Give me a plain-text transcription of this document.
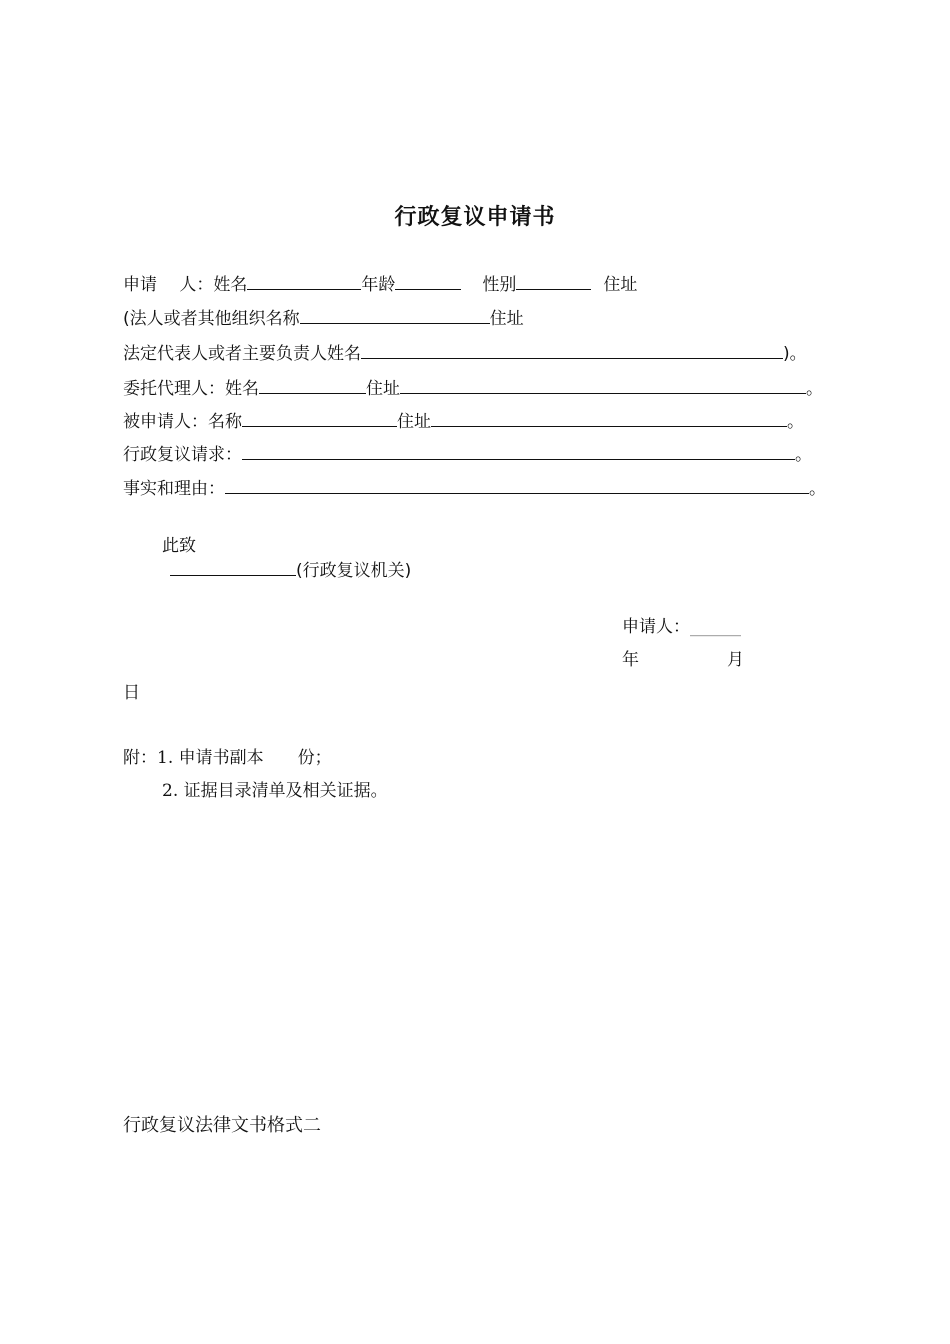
行政复议申请书
申请　 人：姓名	年龄	性别	住址
(法人或者其他组织名称	住址
法定代表人或者主要负责人姓名	)。
委托代理人：姓名	住址	。
被申请人：名称	住址	。
行政复议请求：	。
事实和理由：	。
此致
(行政复议机关)
申请人：______
年	月
日
附：1. 申请书副本　　份；
2. 证据目录清单及相关证据。
行政复议法律文书格式二
